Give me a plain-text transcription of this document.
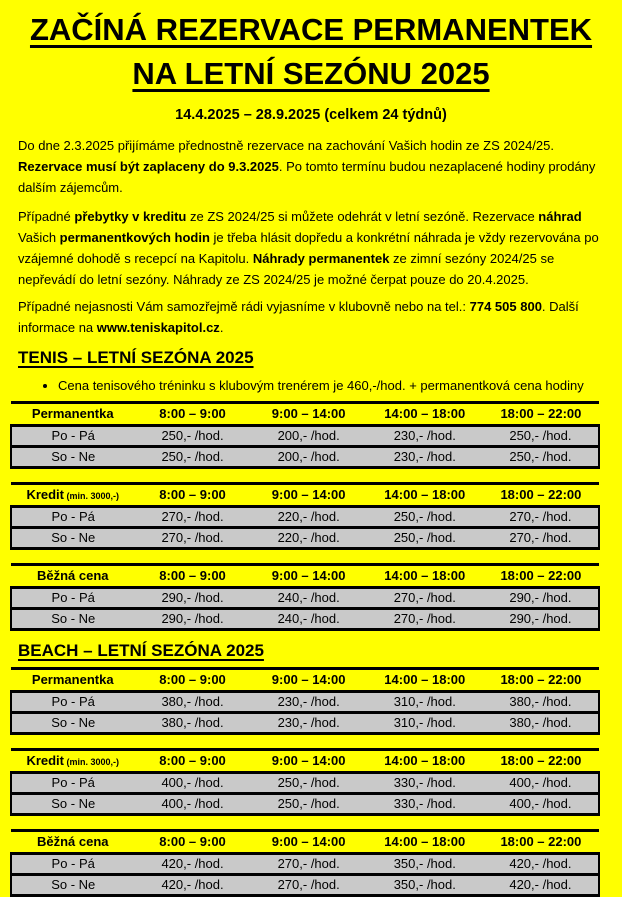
ZAČÍNÁ REZERVACE PERMANENTEK
NA LETNÍ SEZÓNU 2025
14.4.2025 – 28.9.2025 (celkem 24 týdnů)

Do dne 2.3.2025 přijímáme přednostně rezervace na zachování Vašich hodin ze ZS 2024/25. Rezervace musí být zaplaceny do 9.3.2025. Po tomto termínu budou nezaplacené hodiny prodány dalším zájemcům.

Případné přebytky v kreditu ze ZS 2024/25 si můžete odehrát v letní sezóně. Rezervace náhrad Vašich permanentkových hodin je třeba hlásit dopředu a konkrétní náhrada je vždy rezervována po vzájemné dohodě s recepcí na Kapitolu. Náhrady permanentek ze zimní sezóny 2024/25 se nepřevádí do letní sezóny. Náhrady ze ZS 2024/25 je možné čerpat pouze do 20.4.2025.

Případné nejasnosti Vám samozřejmě rádi vyjasníme v klubovně nebo na tel.: 774 505 800. Další informace na www.teniskapitol.cz.

TENIS – LETNÍ SEZÓNA 2025
• Cena tenisového tréninku s klubovým trenérem je 460,-/hod. + permanentková cena hodiny
Permanentka	8:00 – 9:00	9:00 – 14:00	14:00 – 18:00	18:00 – 22:00
Po - Pá	250,- /hod.	200,- /hod.	230,- /hod.	250,- /hod.
So - Ne	250,- /hod.	200,- /hod.	230,- /hod.	250,- /hod.
Kredit (min. 3000,-)	8:00 – 9:00	9:00 – 14:00	14:00 – 18:00	18:00 – 22:00
Po - Pá	270,- /hod.	220,- /hod.	250,- /hod.	270,- /hod.
So - Ne	270,- /hod.	220,- /hod.	250,- /hod.	270,- /hod.
Běžná cena	8:00 – 9:00	9:00 – 14:00	14:00 – 18:00	18:00 – 22:00
Po - Pá	290,- /hod.	240,- /hod.	270,- /hod.	290,- /hod.
So - Ne	290,- /hod.	240,- /hod.	270,- /hod.	290,- /hod.
BEACH – LETNÍ SEZÓNA 2025
Permanentka	8:00 – 9:00	9:00 – 14:00	14:00 – 18:00	18:00 – 22:00
Po - Pá	380,- /hod.	230,- /hod.	310,- /hod.	380,- /hod.
So - Ne	380,- /hod.	230,- /hod.	310,- /hod.	380,- /hod.
Kredit (min. 3000,-)	8:00 – 9:00	9:00 – 14:00	14:00 – 18:00	18:00 – 22:00
Po - Pá	400,- /hod.	250,- /hod.	330,- /hod.	400,- /hod.
So - Ne	400,- /hod.	250,- /hod.	330,- /hod.	400,- /hod.
Běžná cena	8:00 – 9:00	9:00 – 14:00	14:00 – 18:00	18:00 – 22:00
Po - Pá	420,- /hod.	270,- /hod.	350,- /hod.	420,- /hod.
So - Ne	420,- /hod.	270,- /hod.	350,- /hod.	420,- /hod.
